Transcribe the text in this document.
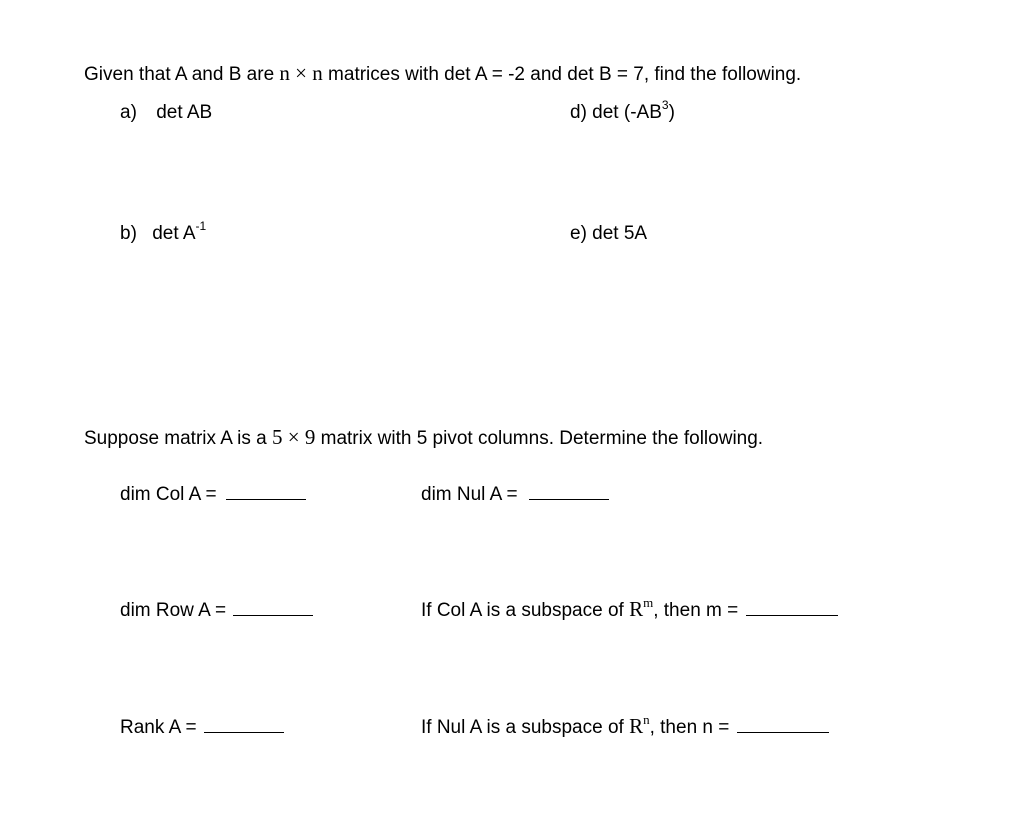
Given that A and B are n × n matrices with det A = -2 and det B = 7, find the following.
a) det AB	d) $\det (-AB^3)$
b) $\det A^{-1}$	e) det 5A
Suppose matrix A is a 5 × 9 matrix with 5 pivot columns. Determine the following.
dim Col A =	dim Nul A =
dim Row A =	If Col A is a subspace of $R^m$, then m =
Rank A =	If Nul A is a subspace of $R^n$, then n =
